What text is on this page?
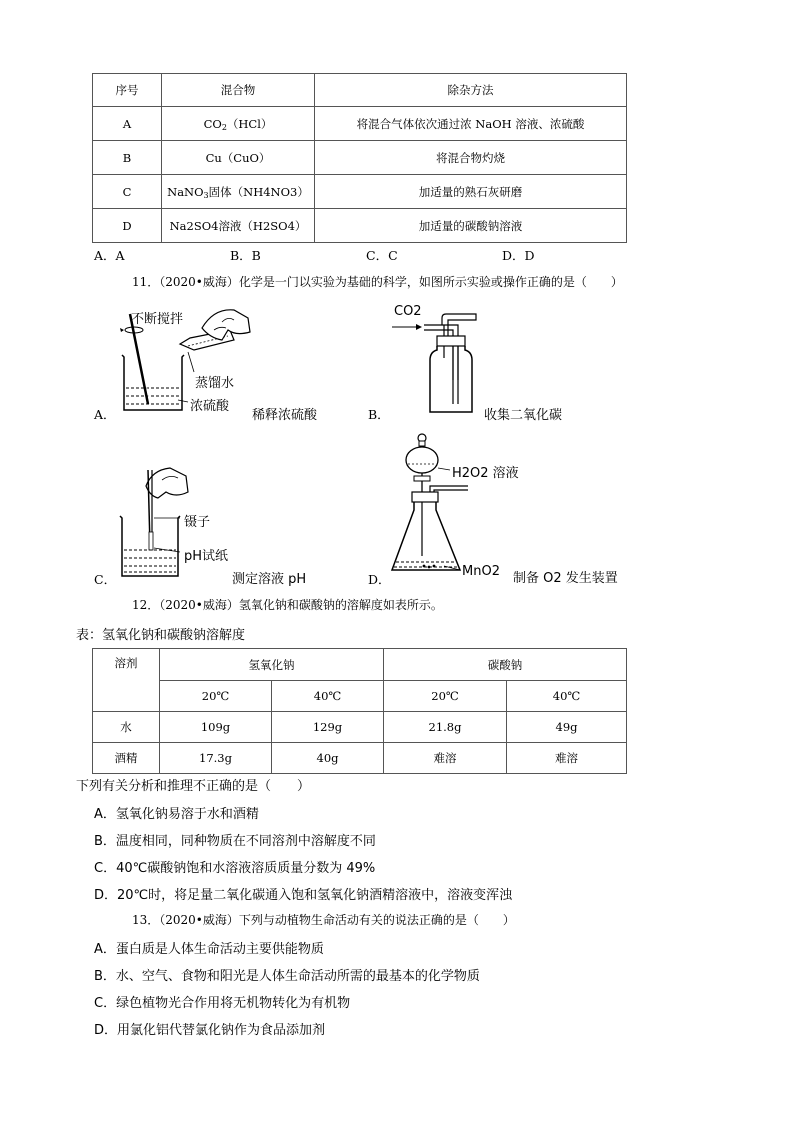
序号	混合物	除杂方法
A	$CO_2(HCl)$	将混合气体依次通过浓 NaOH 溶液、浓硫酸
B	Cu（CuO）	将混合物灼烧
C	NaNO$_3$固体（NH4NO3）	加适量的熟石灰研磨
D	Na2SO4溶液（H2SO4）	加适量的碳酸钠溶液
A．A	B．B	C．C	D．D
11．（2020•威海）化学是一门以实验为基础的科学，如图所示实验或操作正确的是（　　）
不断搅拌
蒸馏水
浓硫酸
A．	稀释浓硫酸
CO2
B．	收集二氧化碳
镊子
pH试纸
C．	测定溶液 pH
H2O2 溶液
MnO2
D．	制备 O2 发生装置
12．（2020•威海）氢氧化钠和碳酸钠的溶解度如表所示。
表：氢氧化钠和碳酸钠溶解度
溶剂	氢氧化钠		碳酸钠	
	20℃	40℃	20℃	40℃
水	109g	129g	21.8g	49g
酒精	17.3g	40g	难溶	难溶
下列有关分析和推理不正确的是（　　）
A．氢氧化钠易溶于水和酒精
B．温度相同，同种物质在不同溶剂中溶解度不同
C．40℃碳酸钠饱和水溶液溶质质量分数为 49%
D．20℃时，将足量二氧化碳通入饱和氢氧化钠酒精溶液中，溶液变浑浊
13．（2020•威海）下列与动植物生命活动有关的说法正确的是（　　）
A．蛋白质是人体生命活动主要供能物质
B．水、空气、食物和阳光是人体生命活动所需的最基本的化学物质
C．绿色植物光合作用将无机物转化为有机物
D．用氯化铝代替氯化钠作为食品添加剂
